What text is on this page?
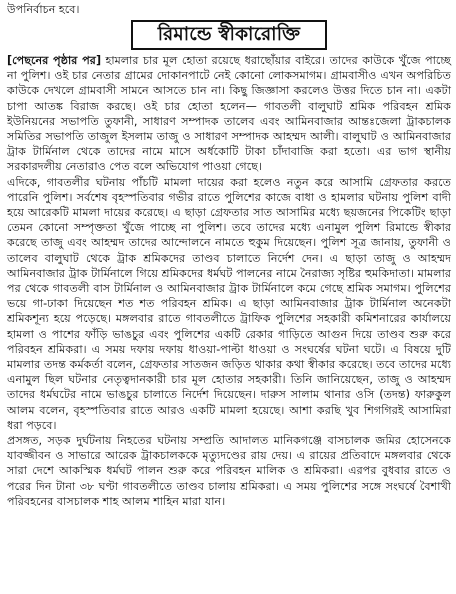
উপনির্বাচন হবে।
রিমান্ডে স্বীকারোক্তি

[পেছনের পৃষ্ঠার পর] হামলার চার মূল হোতা রয়েছে ধরাছোঁয়ার বাইরে। তাদের কাউকে খুঁজে পাচ্ছে না পুলিশ। ওই চার নেতার গ্রামের দোকানপাটে নেই কোনো লোকসমাগম। গ্রামবাসীও এখন অপরিচিত কাউকে দেখলে গ্রামবাসী সামনে আসতে চান না। কিছু জিজ্ঞাসা করলেও উত্তর দিতে চান না। একটা চাপা আতঙ্ক বিরাজ করছে। ওই চার হোতা হলেন— গাবতলী বালুঘাট শ্রমিক পরিবহন শ্রমিক ইউনিয়নের সভাপতি তুফানী, সাধারণ সম্পাদক তালেব এবং আমিনবাজার আন্তঃজেলা ট্রাকচালক সমিতির সভাপতি তাজুল ইসলাম তাজু ও সাধারণ সম্পাদক আহম্মদ আলী। বালুঘাট ও আমিনবাজার ট্রাক টার্মিনাল থেকে তাদের নামে মাসে অর্ধকোটি টাকা চাঁদাবাজি করা হতো। এর ভাগ স্থানীয় সরকারদলীয় নেতারাও পেত বলে অভিযোগ পাওয়া গেছে।

এদিকে, গাবতলীর ঘটনায় পাঁচটি মামলা দায়ের করা হলেও নতুন করে আসামি গ্রেফতার করতে পারেনি পুলিশ। সর্বশেষ বৃহস্পতিবার গভীর রাতে পুলিশের কাজে বাধা ও হামলার ঘটনায় পুলিশ বাদী হয়ে আরেকটি মামলা দায়ের করেছে। এ ছাড়া গ্রেফতার সাত আসামির মধ্যে ছয়জনের পিকেটিং ছাড়া তেমন কোনো সম্পৃক্ততা খুঁজে পাচ্ছে না পুলিশ। তবে তাদের মধ্যে এনামুল পুলিশ রিমান্ডে স্বীকার করেছে তাজু এবং আহম্মদ তাদের আন্দোলনে নামতে হুকুম দিয়েছেন। পুলিশ সূত্র জানায়, তুফানী ও তালেব বালুঘাট থেকে ট্রাক শ্রমিকদের তাণ্ডব চালাতে নির্দেশ দেন। এ ছাড়া তাজু ও আহম্মদ আমিনবাজার ট্রাক টার্মিনালে গিয়ে শ্রমিকদের ধর্মঘট পালনের নামে নৈরাজ্য সৃষ্টির হুমকিদাতা। মামলার পর থেকে গাবতলী বাস টার্মিনাল ও আমিনবাজার ট্রাক টার্মিনালে কমে গেছে শ্রমিক সমাগম। পুলিশের ভয়ে গা-ঢাকা দিয়েছেন শত শত পরিবহন শ্রমিক। এ ছাড়া আমিনবাজার ট্রাক টার্মিনাল অনেকটা শ্রমিকশূন্য হয়ে পড়েছে। মঙ্গলবার রাতে গাবতলীতে ট্রাফিক পুলিশের সহকারী কমিশনারের কার্যালয়ে হামলা ও পাশের ফাঁড়ি ভাঙচুর এবং পুলিশের একটি রেকার গাড়িতে আগুন দিয়ে তাণ্ডব শুরু করে পরিবহন শ্রমিকরা। এ সময় দফায় দফায় ধাওয়া-পাল্টা ধাওয়া ও সংঘর্ষের ঘটনা ঘটে। এ বিষয়ে দুটি মামলার তদন্ত কর্মকর্তা বলেন, গ্রেফতার সাতজন জড়িত থাকার কথা স্বীকার করেছে। তবে তাদের মধ্যে এনামুল ছিল ঘটনার নেতৃত্বদানকারী চার মূল হোতার সহকারী। তিনি জানিয়েছেন, তাজু ও আহম্মদ তাদের ধর্মঘটের নামে ভাঙচুর চালাতে নির্দেশ দিয়েছেন। দারুস সালাম থানার ওসি (তদন্ত) ফারুকুল আলম বলেন, বৃহস্পতিবার রাতে আরও একটি মামলা হয়েছে। আশা করছি খুব শিগগিরই আসামিরা ধরা পড়বে।

প্রসঙ্গত, সড়ক দুর্ঘটনায় নিহতের ঘটনায় সম্প্রতি আদালত মানিকগঞ্জে বাসচালক জমির হোসেনকে যাবজ্জীবন ও সাভারে আরেক ট্রাকচালককে মৃত্যুদণ্ডের রায় দেয়। এ রায়ের প্রতিবাদে মঙ্গলবার থেকে সারা দেশে আকস্মিক ধর্মঘট পালন শুরু করে পরিবহন মালিক ও শ্রমিকরা। এরপর বুধবার রাতে ও পরের দিন টানা ৩৮ ঘণ্টা গাবতলীতে তাণ্ডব চালায় শ্রমিকরা। এ সময় পুলিশের সঙ্গে সংঘর্ষে বৈশাখী পরিবহনের বাসচালক শাহ আলম শাহিন মারা যান।
